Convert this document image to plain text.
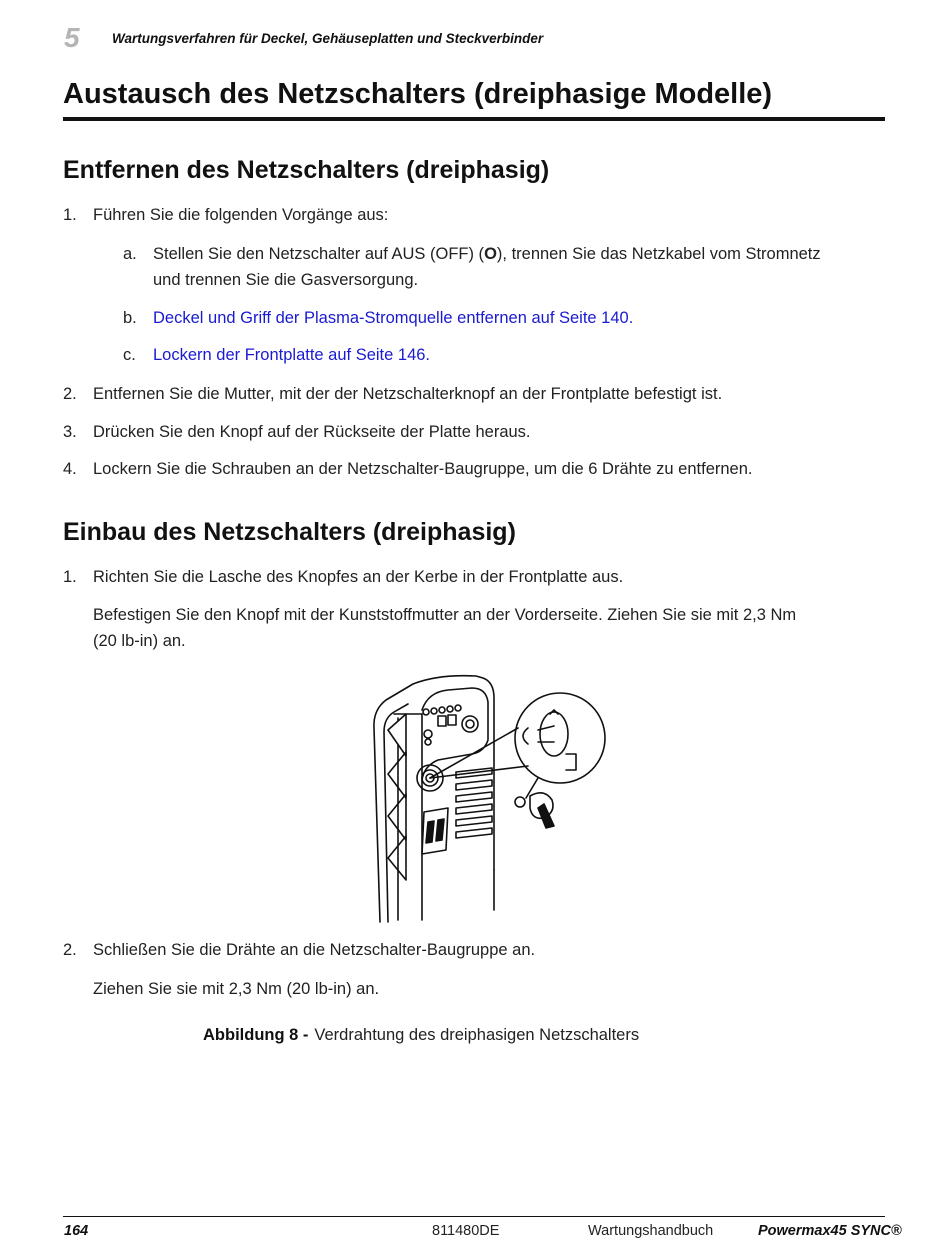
5 Wartungsverfahren für Deckel, Gehäuseplatten und Steckverbinder
Austausch des Netzschalters (dreiphasige Modelle)
Entfernen des Netzschalters (dreiphasig)
1. Führen Sie die folgenden Vorgänge aus:
a. Stellen Sie den Netzschalter auf AUS (OFF) (O), trennen Sie das Netzkabel vom Stromnetz
und trennen Sie die Gasversorgung.
b. Deckel und Griff der Plasma-Stromquelle entfernen auf Seite 140.
c. Lockern der Frontplatte auf Seite 146.
2. Entfernen Sie die Mutter, mit der der Netzschalterknopf an der Frontplatte befestigt ist.
3. Drücken Sie den Knopf auf der Rückseite der Platte heraus.
4. Lockern Sie die Schrauben an der Netzschalter-Baugruppe, um die 6 Drähte zu entfernen.
Einbau des Netzschalters (dreiphasig)
1. Richten Sie die Lasche des Knopfes an der Kerbe in der Frontplatte aus.
Befestigen Sie den Knopf mit der Kunststoffmutter an der Vorderseite. Ziehen Sie sie mit 2,3 Nm
(20 lb-in) an.
2. Schließen Sie die Drähte an die Netzschalter-Baugruppe an.
Ziehen Sie sie mit 2,3 Nm (20 lb-in) an.
Abbildung 8 - Verdrahtung des dreiphasigen Netzschalters
164	811480DE	Wartungshandbuch	Powermax45 SYNC®
